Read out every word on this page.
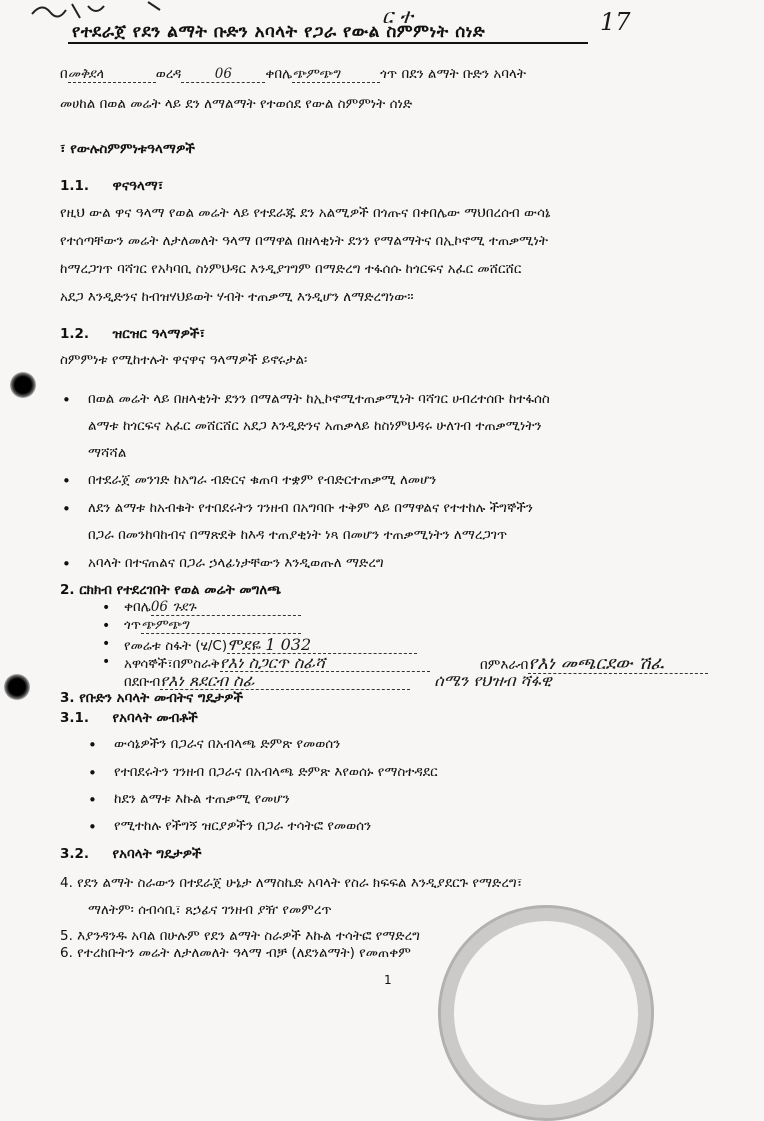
ር ተ	17
የተደራጀ የደን ልማት ቡድን አባላት የጋራ የውል ስምምነት ሰነድ
በመቅደላ	ወረዳ 06 ቀበሌጭምጭግ	ጎጥ በደን ልማት ቡድን አባላት
መሀከል በወል መሬት ላይ ደን ለማልማት የተወሰደ የውል ስምምነት ሰነድ
፣ የውሉስምምነቱዓላማዎች
1.1. ዋናዓላማ፣
የዚህ ውል ዋና ዓላማ የወል መሬት ላይ የተደራጁ ደን አልሚዎች በጎጡና በቀበሌው ማህበረሰብ ውሳኔ
የተሰጣቸውን መሬት ለታለመለት ዓላማ በማዋል በዘላቂነት ደንን የማልማትና በኢኮኖሚ ተጠቃሚነት
ከማረጋገጥ ባሻገር የአካባቢ ስነምህዳር እንዲያገግም በማድረግ ተፋሰሱ ከጎርፍና አፈር መሸርሸር
አደጋ እንዲድንና ከብዝሃህይወት ሃብት ተጠቃሚ እንዲሆን ለማድረግነው፡፡
1.2. ዝርዝር ዓላማዎች፣
ስምምነቱ የሚከተሉት ዋናዋና ዓላማዎች ይኖሩታል፡
• በወል መሬት ላይ በዘላቂነት ደንን በማልማት ከኢኮኖሚተጠቃሚነት ባሻገር ሀብረተሰቡ ከተፋሰስ
ልማቱ ከጎርፍና አፈር መሸርሸር አደጋ እንዲድንና አጠቃላይ ከስነምህዳሩ ሁለገብ ተጠቃሚነትን
ማሻሻል
• በተደራጀ መንገድ ከአግራ ብድርና ቁጠባ ተቋም የብድርተጠቃሚ ለመሆን
• ለደን ልማቱ ከአብቁት የተበደሩትን ገንዘብ በአግባቡ ተቅም ላይ በማዋልና የተተከሉ ችግኞችን
በጋራ በመንከባከብና በማጽደቅ ከእዳ ተጠያቂነት ነጻ በመሆን ተጠቃሚነትን ለማረጋገጥ
• አባላት በተናጠልና በጋራ ኃላፊነታቸውን እንዲወጡለ ማድረግ
2. ርክክብ የተደረገበት የወል መሬት መግለጫ
• ቀበሌ06 ጉደጉ
• ጎጥጭምጭግ
• የመሬቱ ስፋት (ሄ/C)ሞደዬ 1 032
• አዋሳኞች፣በምስራቅየእነ ስጋርጥ ስፊሻ	በምእራብየእነ መጫርደው ሽፈ
በደቡብየእነ ጸደርብ ስፊ	ሰሜን የህዝብ ሻፋዊ
3. የቡድን አባላት መብትና ግዴታዎች
3.1. የአባላት መብቶች
• ውሳኔዎችን በጋራና በአብላጫ ድምጽ የመወሰን
• የተበደሩትን ገንዘብ በጋራና በአብላጫ ድምጽ እየወሰኑ የማስተዳደር
• ከደን ልማቱ እኩል ተጠቃሚ የመሆን
• የሚተከሉ የችግኝ ዝርያዎችን በጋራ ተሳትፎ የመወሰን
3.2. የአባላት ግዴታዎች
4. የደን ልማት ስራውን በተደራጀ ሁኔታ ለማስኬድ አባላት የስራ ክፍፍል እንዲያደርጉ የማድረግ፣
ማለትም፡ ሰብሳቢ፣ ጸኃፊና ገንዘብ ያዥ የመምረጥ
5. እያንዳንዱ አባል በሁሉም የደን ልማት ስራዎች እኩል ተሳትፎ የማድረግ
6. የተረከቡትን መሬት ለታለመለት ዓላማ ብቻ (ለደንልማት) የመጠቀም
1
